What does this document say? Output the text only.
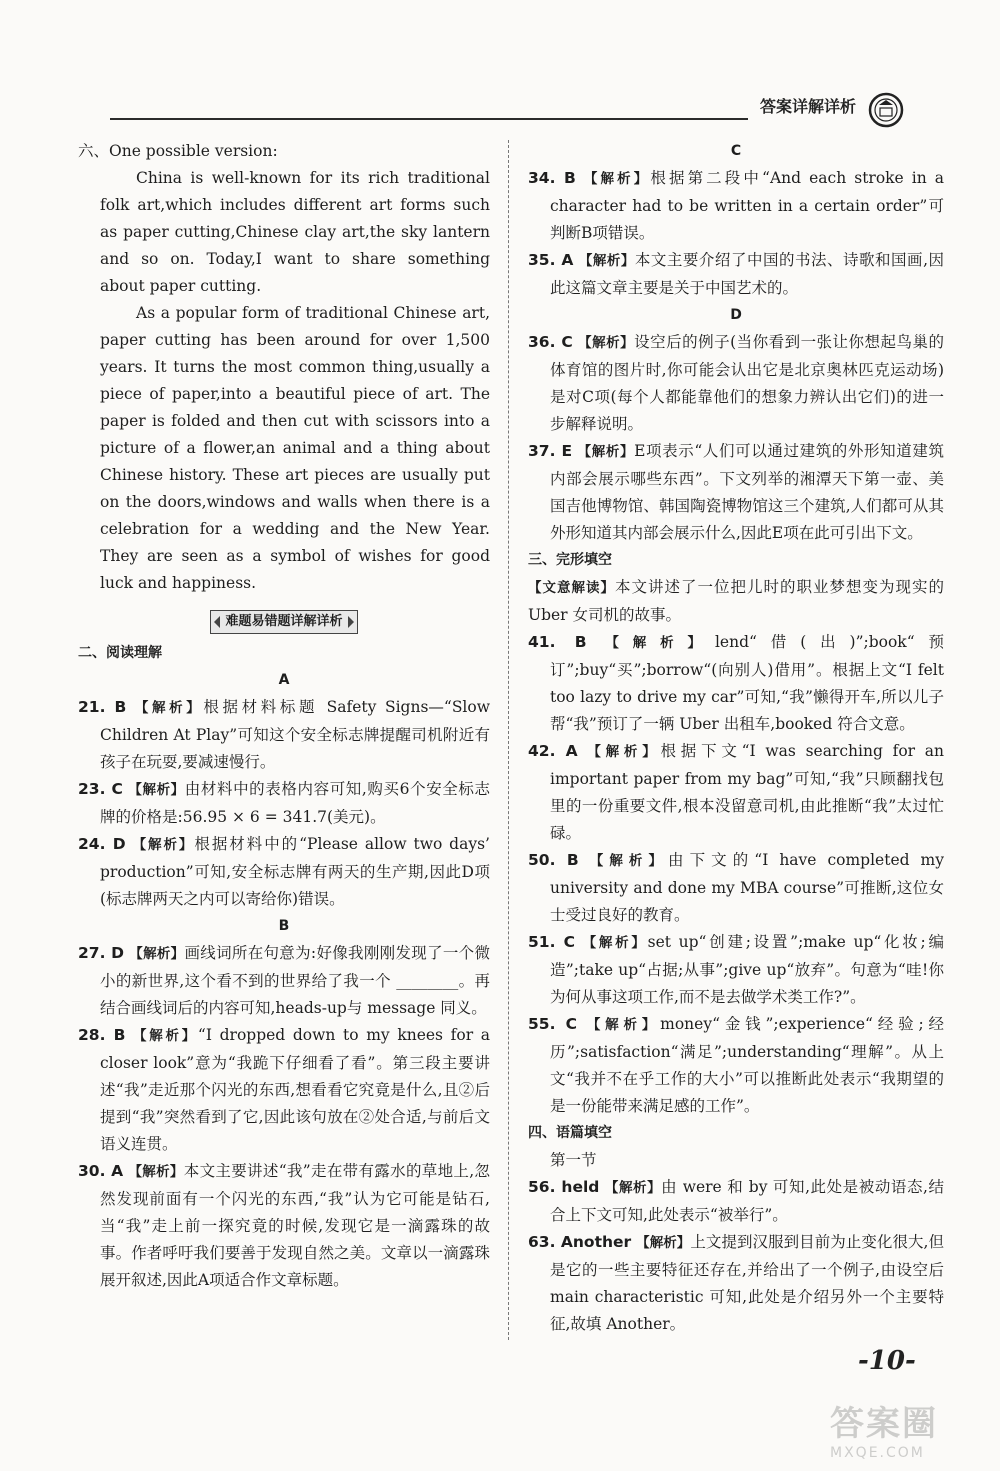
答案详解详析

六、One possible version:

China is well-known for its rich traditional folk art,which includes different art forms such as paper cutting,Chinese clay art,the sky lantern and so on. Today,I want to share something about paper cutting.

As a popular form of traditional Chinese art, paper cutting has been around for over 1,500 years. It turns the most common thing,usually a piece of paper,into a beautiful piece of art. The paper is folded and then cut with scissors into a picture of a flower,an animal and a thing about Chinese history. These art pieces are usually put on the doors,windows and walls when there is a celebration for a wedding and the New Year. They are seen as a symbol of wishes for good luck and happiness.

难题易错题详解详析

二、阅读理解

A

21. B 【解析】根据材料标题 Safety Signs—“Slow Children At Play”可知这个安全标志牌提醒司机附近有孩子在玩耍,要减速慢行。

23. C 【解析】由材料中的表格内容可知,购买6个安全标志牌的价格是:56.95 × 6 = 341.7(美元)。

24. D 【解析】根据材料中的“Please allow two days’ production”可知,安全标志牌有两天的生产期,因此D项(标志牌两天之内可以寄给你)错误。

B

27. D 【解析】画线词所在句意为:好像我刚刚发现了一个微小的新世界,这个看不到的世界给了我一个 ________。再结合画线词后的内容可知,heads-up与 message 同义。

28. B 【解析】“I dropped down to my knees for a closer look”意为“我跪下仔细看了看”。第三段主要讲述“我”走近那个闪光的东西,想看看它究竟是什么,且②后提到“我”突然看到了它,因此该句放在②处合适,与前后文语义连贯。

30. A 【解析】本文主要讲述“我”走在带有露水的草地上,忽然发现前面有一个闪光的东西,“我”认为它可能是钻石,当“我”走上前一探究竟的时候,发现它是一滴露珠的故事。作者呼吁我们要善于发现自然之美。文章以一滴露珠展开叙述,因此A项适合作文章标题。

C

34. B 【解析】根据第二段中“And each stroke in a character had to be written in a certain order”可判断B项错误。

35. A 【解析】本文主要介绍了中国的书法、诗歌和国画,因此这篇文章主要是关于中国艺术的。

D

36. C 【解析】设空后的例子(当你看到一张让你想起鸟巢的体育馆的图片时,你可能会认出它是北京奥林匹克运动场)是对C项(每个人都能靠他们的想象力辨认出它们)的进一步解释说明。

37. E 【解析】E项表示“人们可以通过建筑的外形知道建筑内部会展示哪些东西”。下文列举的湘潭天下第一壶、美国吉他博物馆、韩国陶瓷博物馆这三个建筑,人们都可从其外形知道其内部会展示什么,因此E项在此可引出下文。

三、完形填空

【文意解读】本文讲述了一位把儿时的职业梦想变为现实的 Uber 女司机的故事。

41. B 【解析】lend“借(出)”;book“预订”;buy“买”;borrow“(向别人)借用”。根据上文“I felt too lazy to drive my car”可知,“我”懒得开车,所以儿子帮“我”预订了一辆 Uber 出租车,booked 符合文意。

42. A 【解析】根据下文“I was searching for an important paper from my bag”可知,“我”只顾翻找包里的一份重要文件,根本没留意司机,由此推断“我”太过忙碌。

50. B 【解析】由下文的“I have completed my university and done my MBA course”可推断,这位女士受过良好的教育。

51. C 【解析】set up“创建;设置”;make up“化妆;编造”;take up“占据;从事”;give up“放弃”。句意为“哇!你为何从事这项工作,而不是去做学术类工作?”。

55. C 【解析】money“金钱”;experience“经验;经历”;satisfaction“满足”;understanding“理解”。从上文“我并不在乎工作的大小”可以推断此处表示“我期望的是一份能带来满足感的工作”。

四、语篇填空

第一节

56. held 【解析】由 were 和 by 可知,此处是被动语态,结合上下文可知,此处表示“被举行”。

63. Another 【解析】上文提到汉服到目前为止变化很大,但是它的一些主要特征还存在,并给出了一个例子,由设空后 main characteristic 可知,此处是介绍另外一个主要特征,故填 Another。

-10-
答案圈
MXQE.COM
